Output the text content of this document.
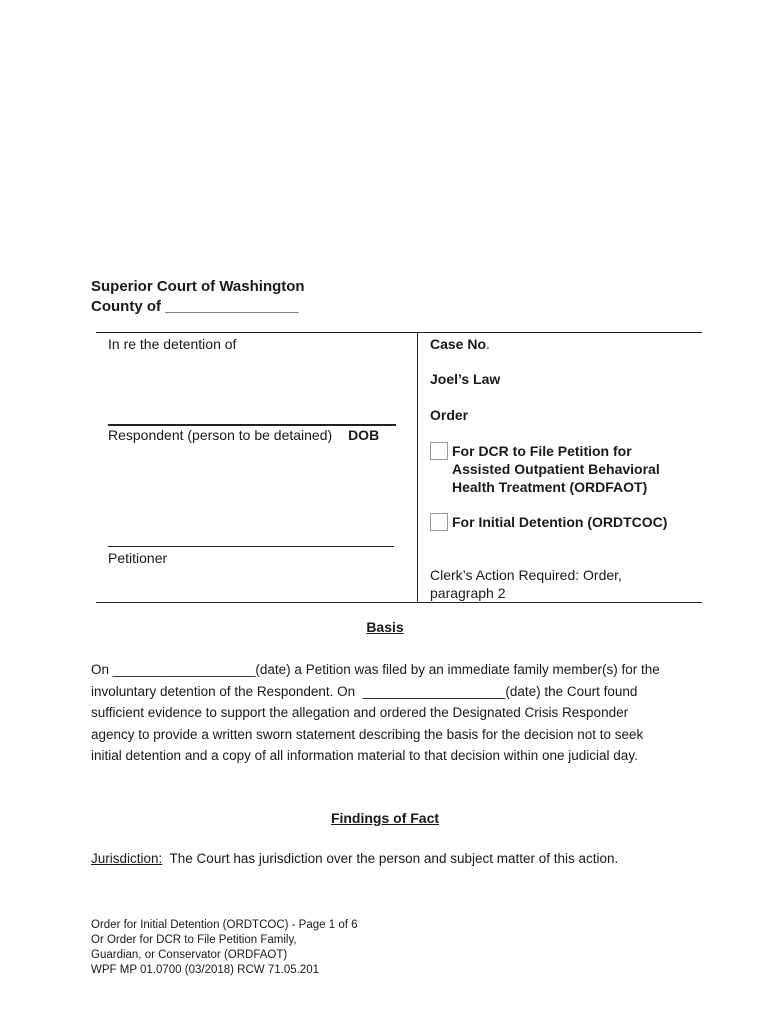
Superior Court of Washington
County of ________________
In re the detention of
Respondent (person to be detained) DOB
Petitioner
Case No.
Joel’s Law
Order
For DCR to File Petition for Assisted Outpatient Behavioral Health Treatment (ORDFAOT)
For Initial Detention (ORDTCOC)
Clerk’s Action Required: Order, paragraph 2
Basis
On ___________________(date) a Petition was filed by an immediate family member(s) for the involuntary detention of the Respondent. On  ___________________(date) the Court found sufficient evidence to support the allegation and ordered the Designated Crisis Responder agency to provide a written sworn statement describing the basis for the decision not to seek initial detention and a copy of all information material to that decision within one judicial day.
Findings of Fact
Jurisdiction: The Court has jurisdiction over the person and subject matter of this action.
Order for Initial Detention (ORDTCOC) - Page 1 of 6
Or Order for DCR to File Petition Family,
Guardian, or Conservator (ORDFAOT)
WPF MP 01.0700 (03/2018) RCW 71.05.201
